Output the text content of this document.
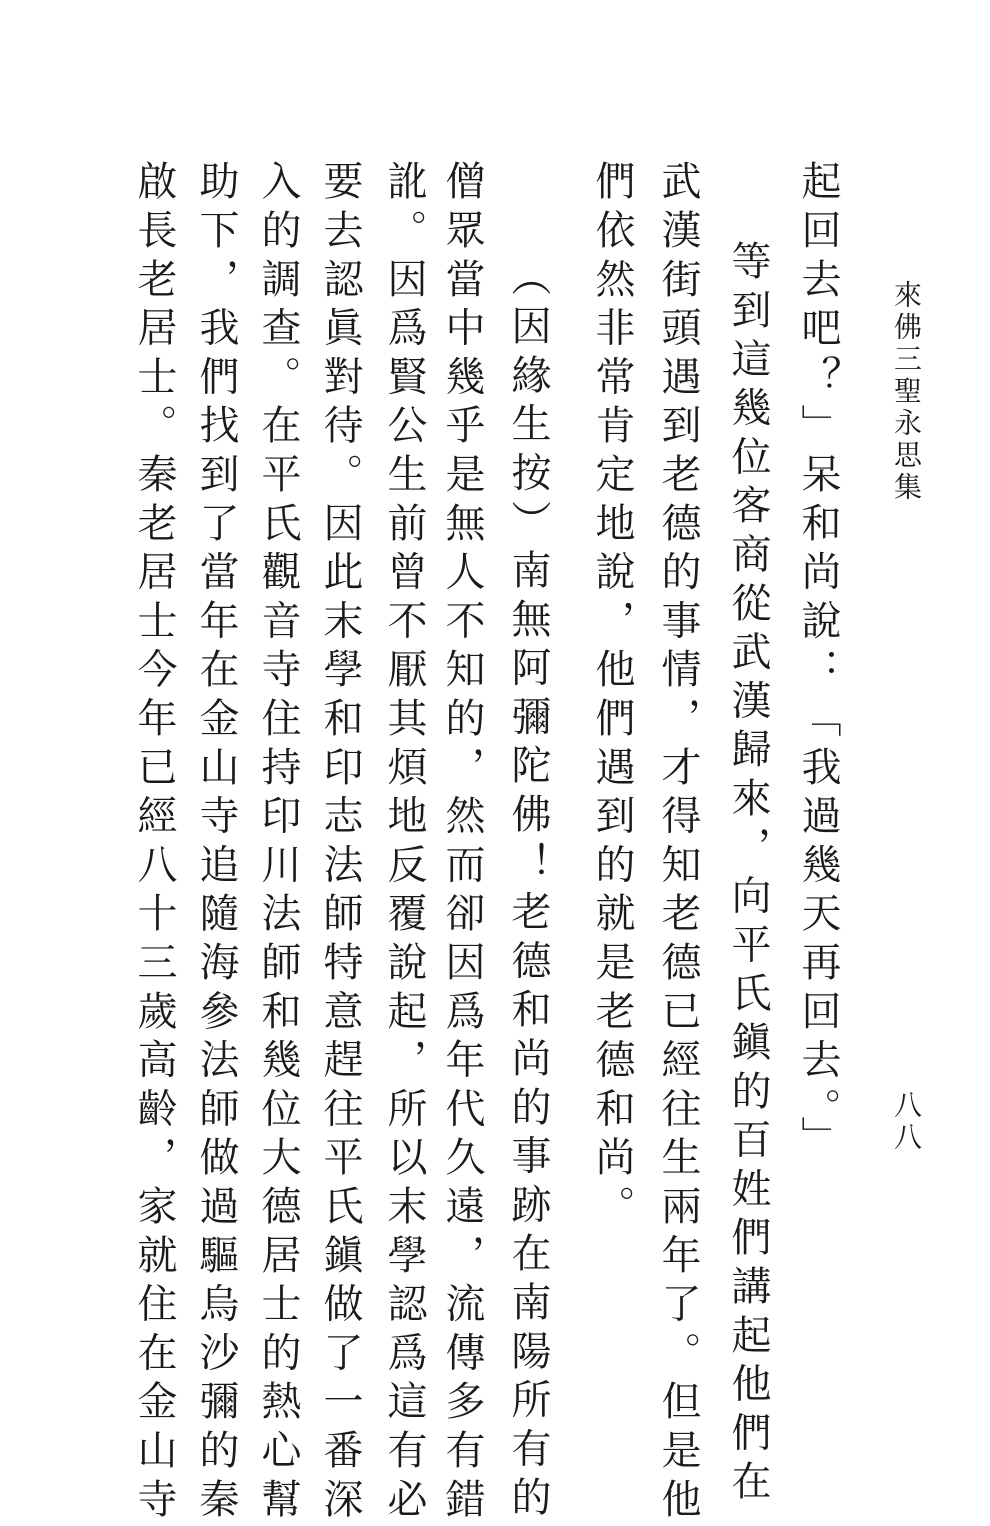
來佛三聖永思集
八八
起回去吧？」呆和尚說：「我過幾天再回去。」
等到這幾位客商從武漢歸來，向平氏鎭的百姓們講起他們在
武漢街頭遇到老德的事情，才得知老德已經往生兩年了。但是他
們依然非常肯定地說，他們遇到的就是老德和尚。
（因緣生按）南無阿彌陀佛！老德和尚的事跡在南陽所有的
僧眾當中幾乎是無人不知的，然而卻因爲年代久遠，流傳多有錯
訛。因爲賢公生前曾不厭其煩地反覆說起，所以末學認爲這有必
要去認眞對待。因此末學和印志法師特意趕往平氏鎭做了一番深
入的調查。在平氏觀音寺住持印川法師和幾位大德居士的熱心幫
助下，我們找到了當年在金山寺追隨海參法師做過驅烏沙彌的秦
啟長老居士。秦老居士今年已經八十三歲高齡，家就住在金山寺
